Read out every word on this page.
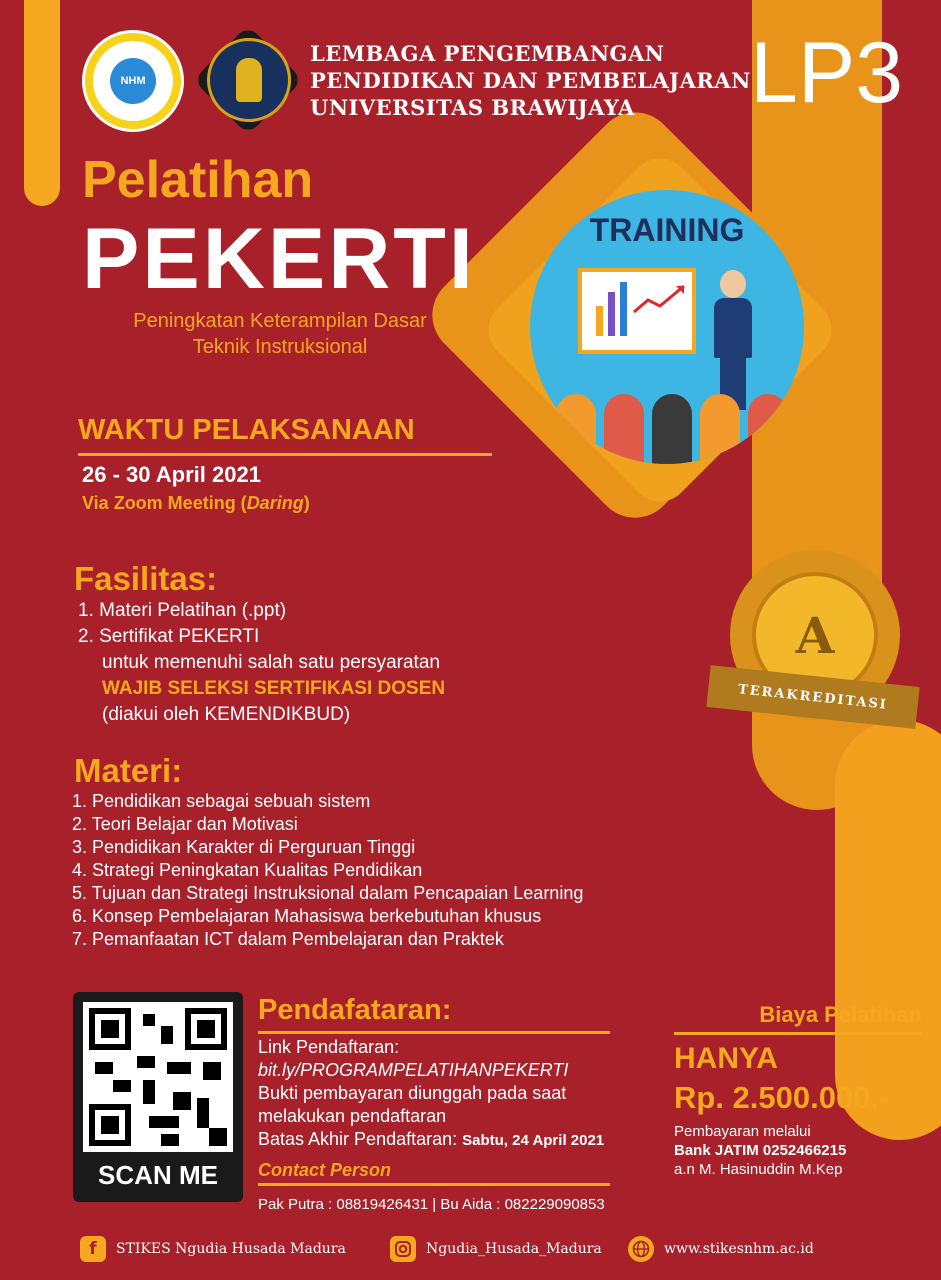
NHM
LEMBAGA PENGEMBANGAN
PENDIDIKAN DAN PEMBELAJARAN
UNIVERSITAS BRAWIJAYA	LP3
Pelatihan
PEKERTI
Peningkatan Keterampilan Dasar
Teknik Instruksional
TRAINING
A
TERAKREDITASI
WAKTU PELAKSANAAN
26 - 30 April 2021
Via Zoom Meeting (Daring)
Fasilitas:
1. Materi Pelatihan (.ppt)
2. Sertifikat PEKERTI
untuk memenuhi salah satu persyaratan
WAJIB SELEKSI SERTIFIKASI DOSEN
(diakui oleh KEMENDIKBUD)
Materi:
1. Pendidikan sebagai sebuah sistem
2. Teori Belajar dan Motivasi
3. Pendidikan Karakter di Perguruan Tinggi
4. Strategi Peningkatan Kualitas Pendidikan
5. Tujuan dan Strategi Instruksional dalam Pencapaian Learning
6. Konsep Pembelajaran Mahasiswa berkebutuhan khusus
7. Pemanfaatan ICT dalam Pembelajaran dan Praktek
SCAN ME
Pendafataran:
Link Pendaftaran:
bit.ly/PROGRAMPELATIHANPEKERTI
Bukti pembayaran diunggah pada saat
melakukan pendaftaran
Batas Akhir Pendaftaran: Sabtu, 24 April 2021
Contact Person
Pak Putra : 08819426431 | Bu Aida : 082229090853
Biaya Pelatihan
HANYA
Rp. 2.500.000,-
Pembayaran melalui
Bank JATIM 0252466215
a.n M. Hasinuddin M.Kep
f	STIKES Ngudia Husada Madura	Ngudia_Husada_Madura	www.stikesnhm.ac.id
